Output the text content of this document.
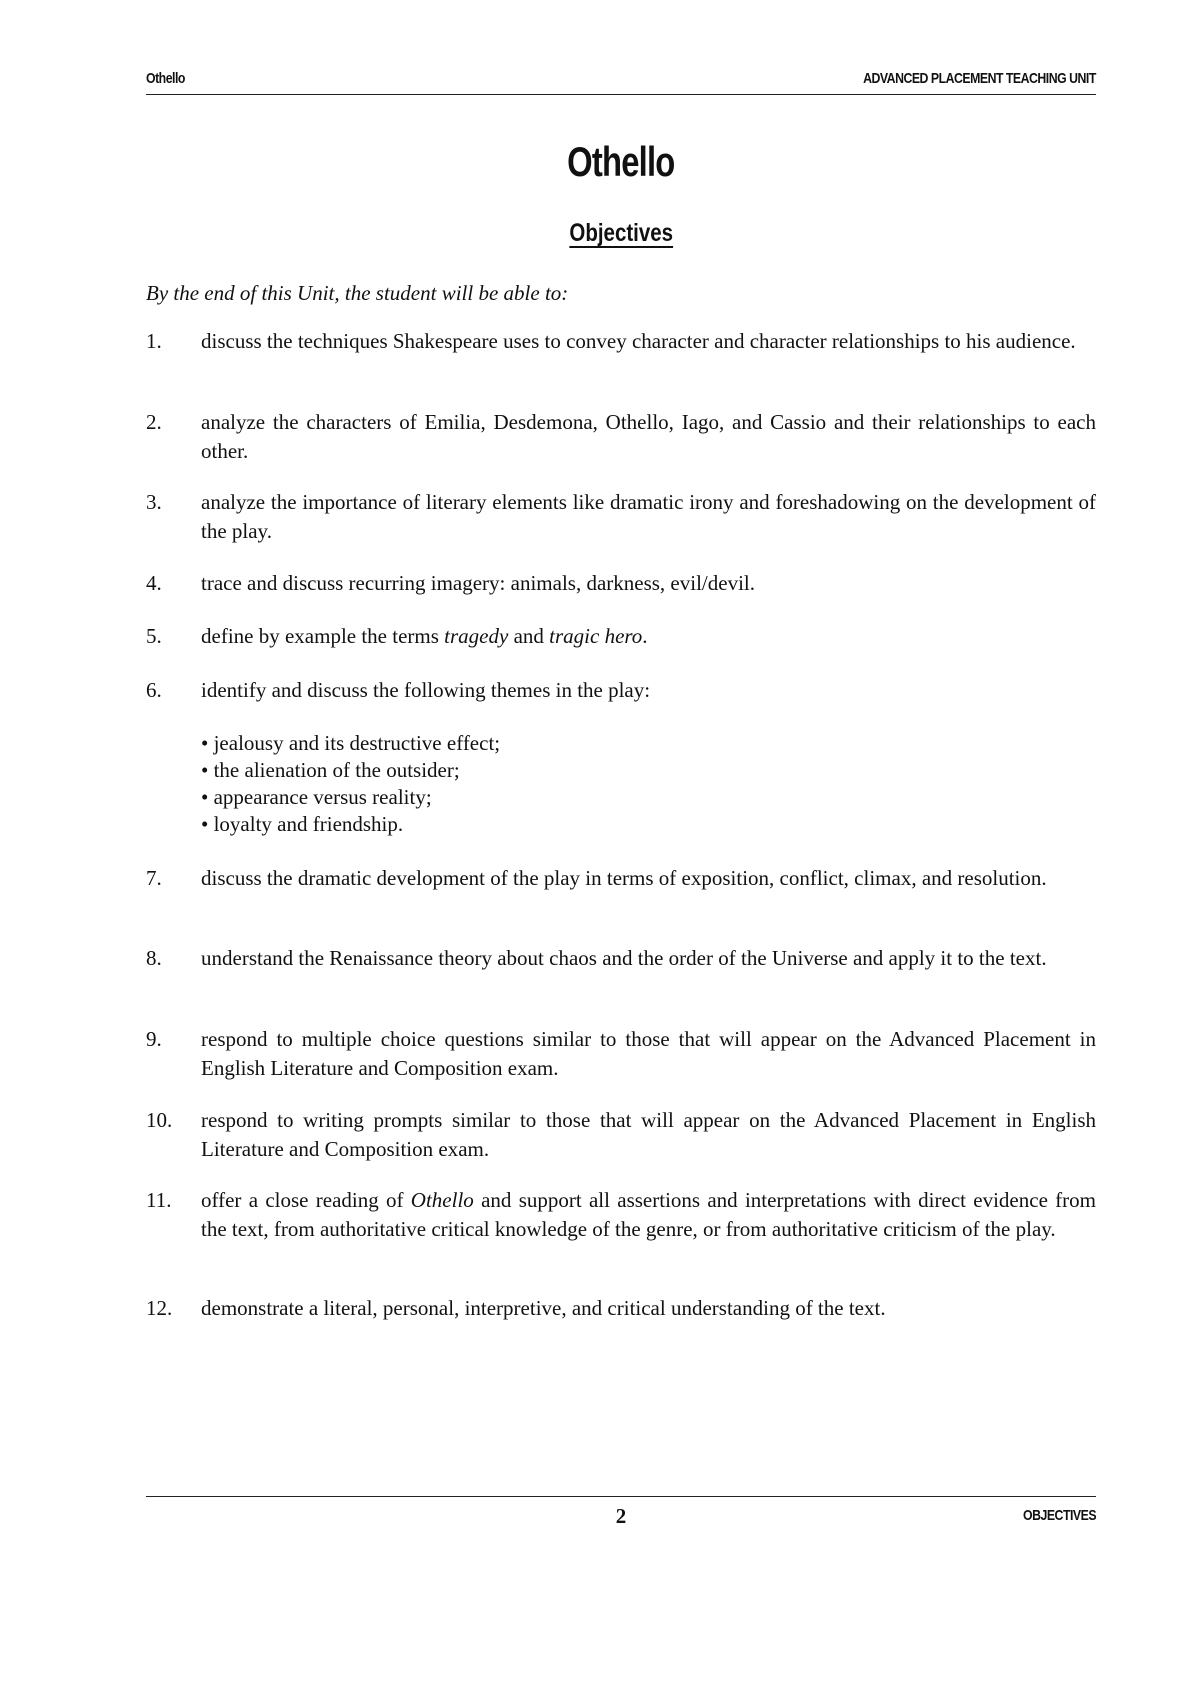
Othello	ADVANCED PLACEMENT TEACHING UNIT
Othello
Objectives
By the end of this Unit, the student will be able to:
1. discuss the techniques Shakespeare uses to convey character and character relationships to his audience.
2. analyze the characters of Emilia, Desdemona, Othello, Iago, and Cassio and their relationships to each other.
3. analyze the importance of literary elements like dramatic irony and foreshadowing on the development of the play.
4. trace and discuss recurring imagery: animals, darkness, evil/devil.
5. define by example the terms tragedy and tragic hero.
6. identify and discuss the following themes in the play:
• jealousy and its destructive effect;
• the alienation of the outsider;
• appearance versus reality;
• loyalty and friendship.
7. discuss the dramatic development of the play in terms of exposition, conflict, climax, and resolution.
8. understand the Renaissance theory about chaos and the order of the Universe and apply it to the text.
9. respond to multiple choice questions similar to those that will appear on the Advanced Placement in English Literature and Composition exam.
10. respond to writing prompts similar to those that will appear on the Advanced Placement in English Literature and Composition exam.
11. offer a close reading of Othello and support all assertions and interpretations with direct evidence from the text, from authoritative critical knowledge of the genre, or from authoritative criticism of the play.
12. demonstrate a literal, personal, interpretive, and critical understanding of the text.
2	OBJECTIVES
